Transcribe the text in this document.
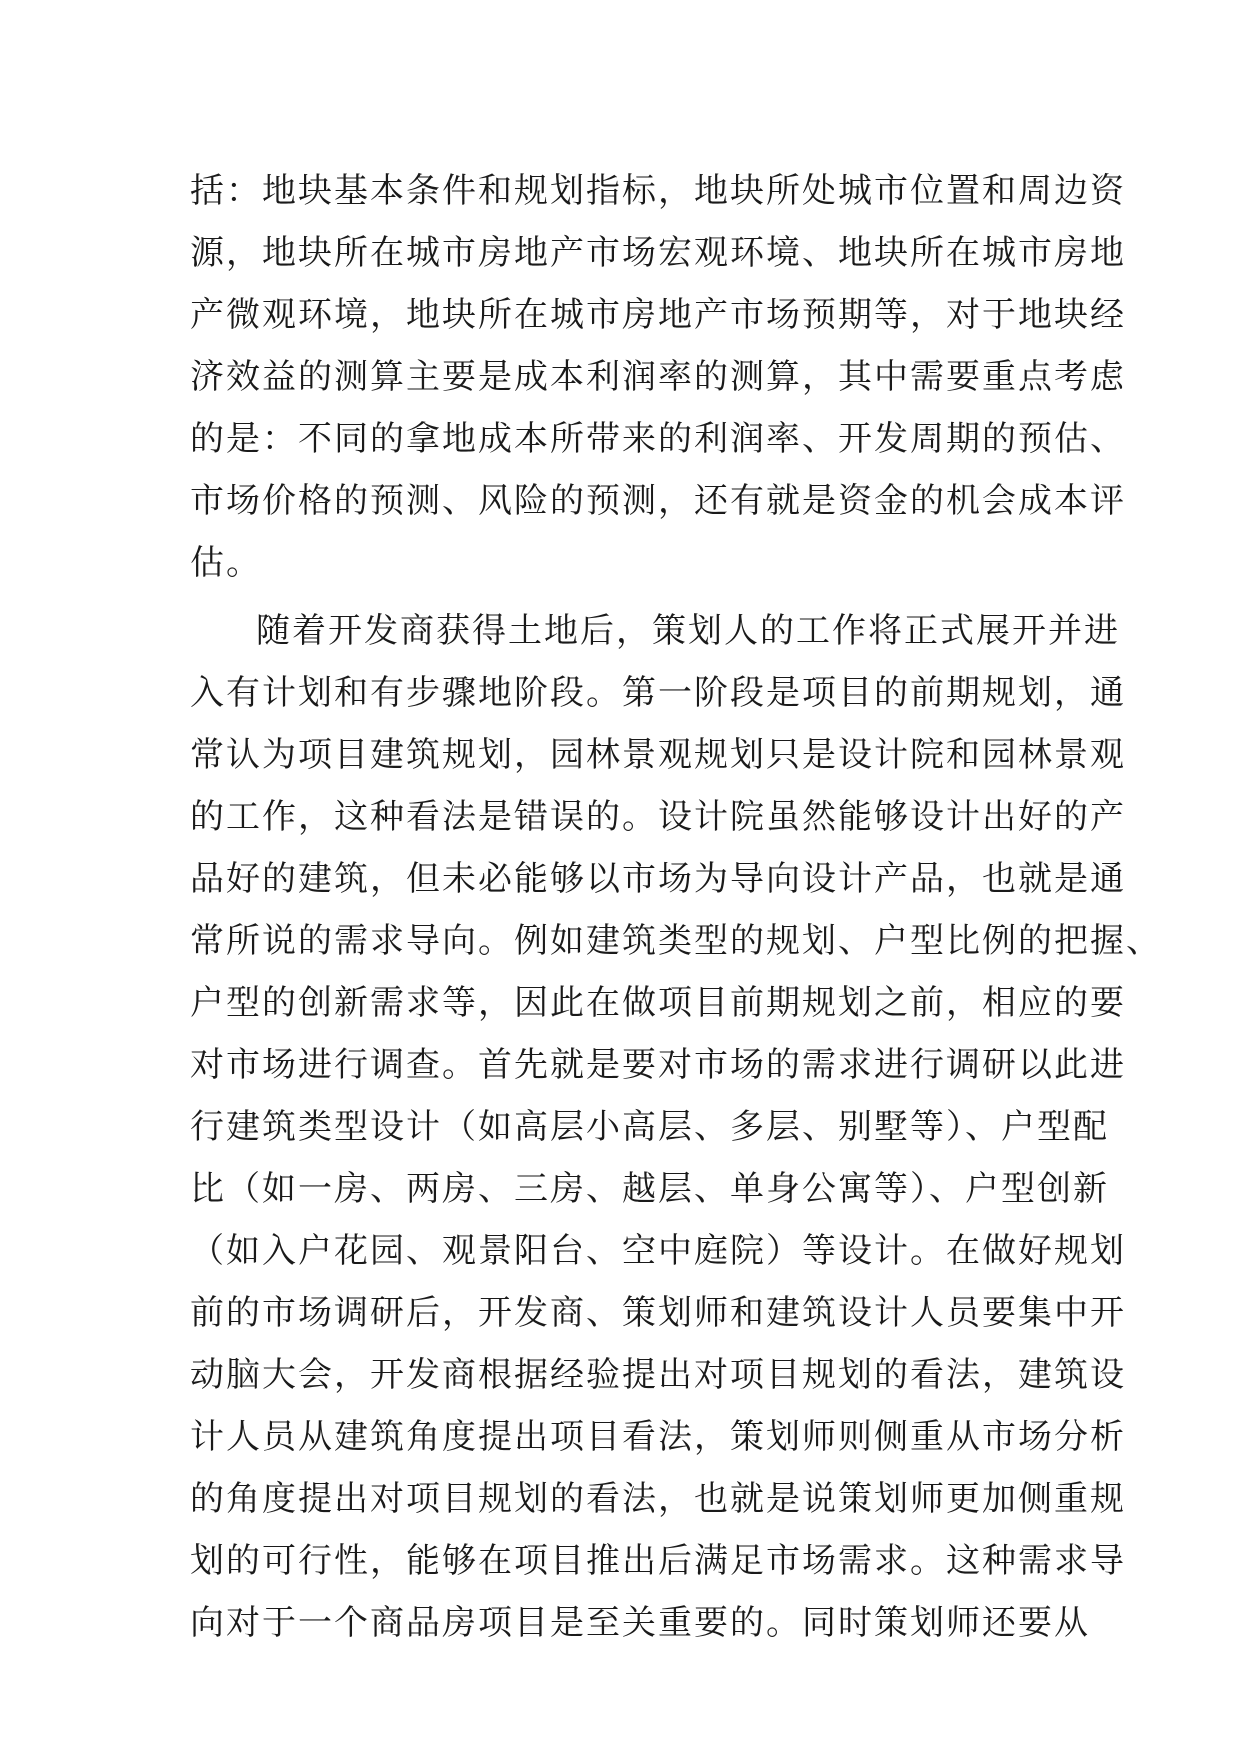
括：地块基本条件和规划指标，地块所处城市位置和周边资
源，地块所在城市房地产市场宏观环境、地块所在城市房地
产微观环境，地块所在城市房地产市场预期等，对于地块经
济效益的测算主要是成本利润率的测算，其中需要重点考虑
的是：不同的拿地成本所带来的利润率、开发周期的预估、
市场价格的预测、风险的预测，还有就是资金的机会成本评
估。
随着开发商获得土地后，策划人的工作将正式展开并进
入有计划和有步骤地阶段。第一阶段是项目的前期规划，通
常认为项目建筑规划，园林景观规划只是设计院和园林景观
的工作，这种看法是错误的。设计院虽然能够设计出好的产
品好的建筑，但未必能够以市场为导向设计产品，也就是通
常所说的需求导向。例如建筑类型的规划、户型比例的把握、
户型的创新需求等，因此在做项目前期规划之前，相应的要
对市场进行调查。首先就是要对市场的需求进行调研以此进
行建筑类型设计（如高层小高层、多层、别墅等）、户型配
比（如一房、两房、三房、越层、单身公寓等）、户型创新
（如入户花园、观景阳台、空中庭院）等设计。在做好规划
前的市场调研后，开发商、策划师和建筑设计人员要集中开
动脑大会，开发商根据经验提出对项目规划的看法，建筑设
计人员从建筑角度提出项目看法，策划师则侧重从市场分析
的角度提出对项目规划的看法，也就是说策划师更加侧重规
划的可行性，能够在项目推出后满足市场需求。这种需求导
向对于一个商品房项目是至关重要的。同时策划师还要从
